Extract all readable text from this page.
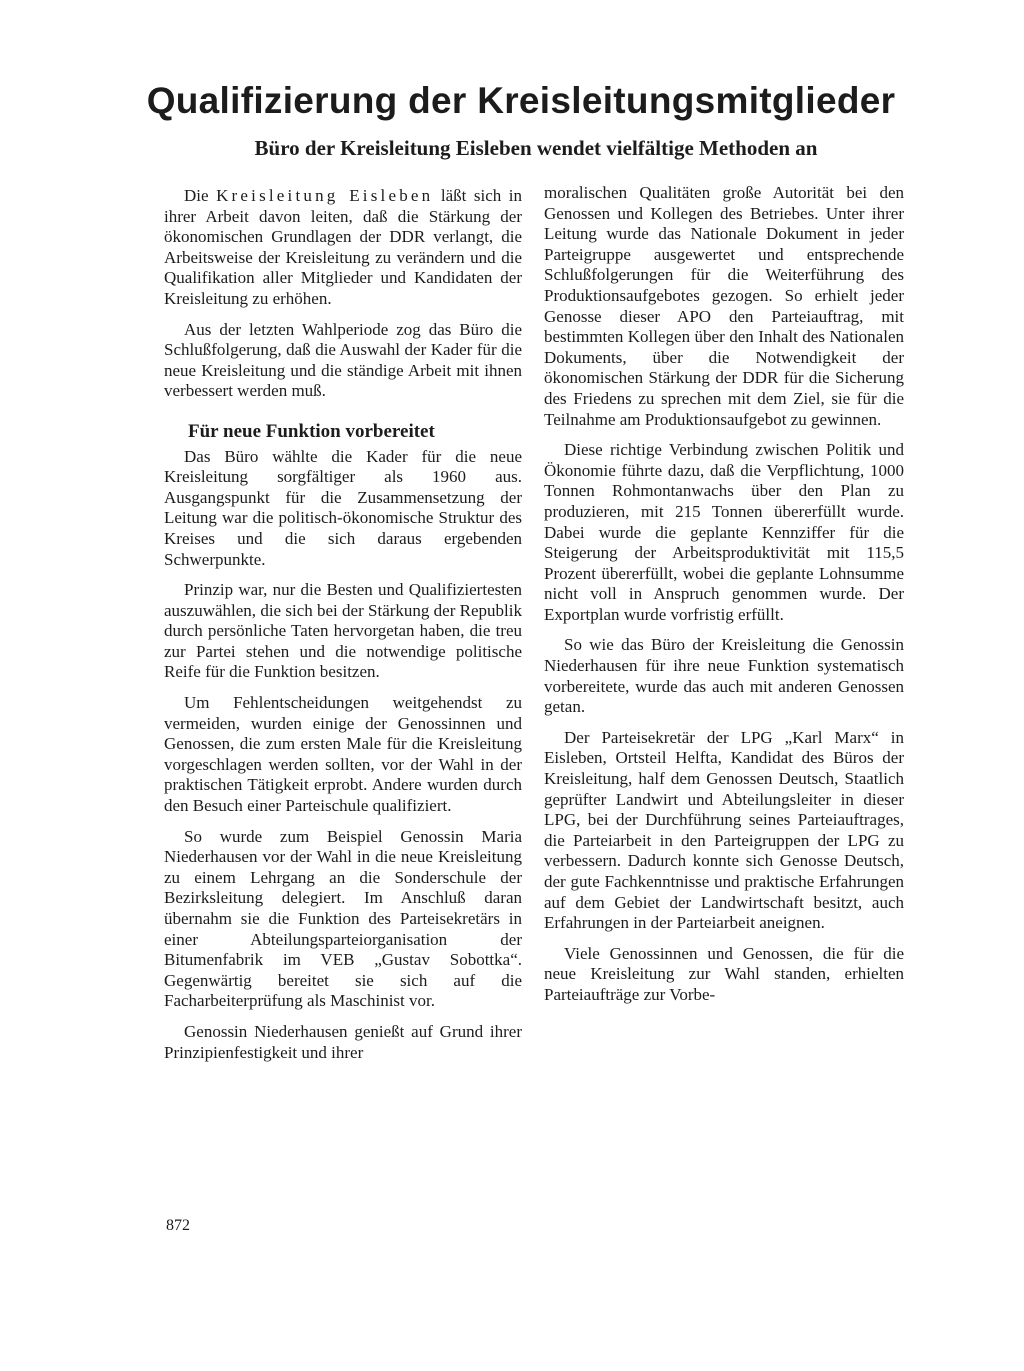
Qualifizierung der Kreisleitungsmitglieder
Büro der Kreisleitung Eisleben wendet vielfältige Methoden an

Die Kreisleitung Eisleben läßt sich in ihrer Arbeit davon leiten, daß die Stärkung der ökonomischen Grundlagen der DDR verlangt, die Arbeitsweise der Kreisleitung zu verändern und die Qualifikation aller Mitglieder und Kandidaten der Kreisleitung zu erhöhen.

Aus der letzten Wahlperiode zog das Büro die Schlußfolgerung, daß die Auswahl der Kader für die neue Kreisleitung und die ständige Arbeit mit ihnen verbessert werden muß.

Für neue Funktion vorbereitet

Das Büro wählte die Kader für die neue Kreisleitung sorgfältiger als 1960 aus. Ausgangspunkt für die Zusammensetzung der Leitung war die politisch-ökonomische Struktur des Kreises und die sich daraus ergebenden Schwerpunkte.

Prinzip war, nur die Besten und Qualifiziertesten auszuwählen, die sich bei der Stärkung der Republik durch persönliche Taten hervorgetan haben, die treu zur Partei stehen und die notwendige politische Reife für die Funktion besitzen.

Um Fehlentscheidungen weitgehendst zu vermeiden, wurden einige der Genossinnen und Genossen, die zum ersten Male für die Kreisleitung vorgeschlagen werden sollten, vor der Wahl in der praktischen Tätigkeit erprobt. Andere wurden durch den Besuch einer Parteischule qualifiziert.

So wurde zum Beispiel Genossin Maria Niederhausen vor der Wahl in die neue Kreisleitung zu einem Lehrgang an die Sonderschule der Bezirksleitung delegiert. Im Anschluß daran übernahm sie die Funktion des Parteisekretärs in einer Abteilungsparteiorganisation der Bitumenfabrik im VEB „Gustav Sobottka“. Gegenwärtig bereitet sie sich auf die Facharbeiterprüfung als Maschinist vor.

Genossin Niederhausen genießt auf Grund ihrer Prinzipienfestigkeit und ihrer

moralischen Qualitäten große Autorität bei den Genossen und Kollegen des Betriebes. Unter ihrer Leitung wurde das Nationale Dokument in jeder Parteigruppe ausgewertet und entsprechende Schlußfolgerungen für die Weiterführung des Produktionsaufgebotes gezogen. So erhielt jeder Genosse dieser APO den Parteiauftrag, mit bestimmten Kollegen über den Inhalt des Nationalen Dokuments, über die Notwendigkeit der ökonomischen Stärkung der DDR für die Sicherung des Friedens zu sprechen mit dem Ziel, sie für die Teilnahme am Produktionsaufgebot zu gewinnen.

Diese richtige Verbindung zwischen Politik und Ökonomie führte dazu, daß die Verpflichtung, 1000 Tonnen Rohmontanwachs über den Plan zu produzieren, mit 215 Tonnen übererfüllt wurde. Dabei wurde die geplante Kennziffer für die Steigerung der Arbeitsproduktivität mit 115,5 Prozent übererfüllt, wobei die geplante Lohnsumme nicht voll in Anspruch genommen wurde. Der Exportplan wurde vorfristig erfüllt.

So wie das Büro der Kreisleitung die Genossin Niederhausen für ihre neue Funktion systematisch vorbereitete, wurde das auch mit anderen Genossen getan.

Der Parteisekretär der LPG „Karl Marx“ in Eisleben, Ortsteil Helfta, Kandidat des Büros der Kreisleitung, half dem Genossen Deutsch, Staatlich geprüfter Landwirt und Abteilungsleiter in dieser LPG, bei der Durchführung seines Parteiauftrages, die Parteiarbeit in den Parteigruppen der LPG zu verbessern. Dadurch konnte sich Genosse Deutsch, der gute Fachkenntnisse und praktische Erfahrungen auf dem Gebiet der Landwirtschaft besitzt, auch Erfahrungen in der Parteiarbeit aneignen.

Viele Genossinnen und Genossen, die für die neue Kreisleitung zur Wahl standen, erhielten Parteiaufträge zur Vorbe-

872
